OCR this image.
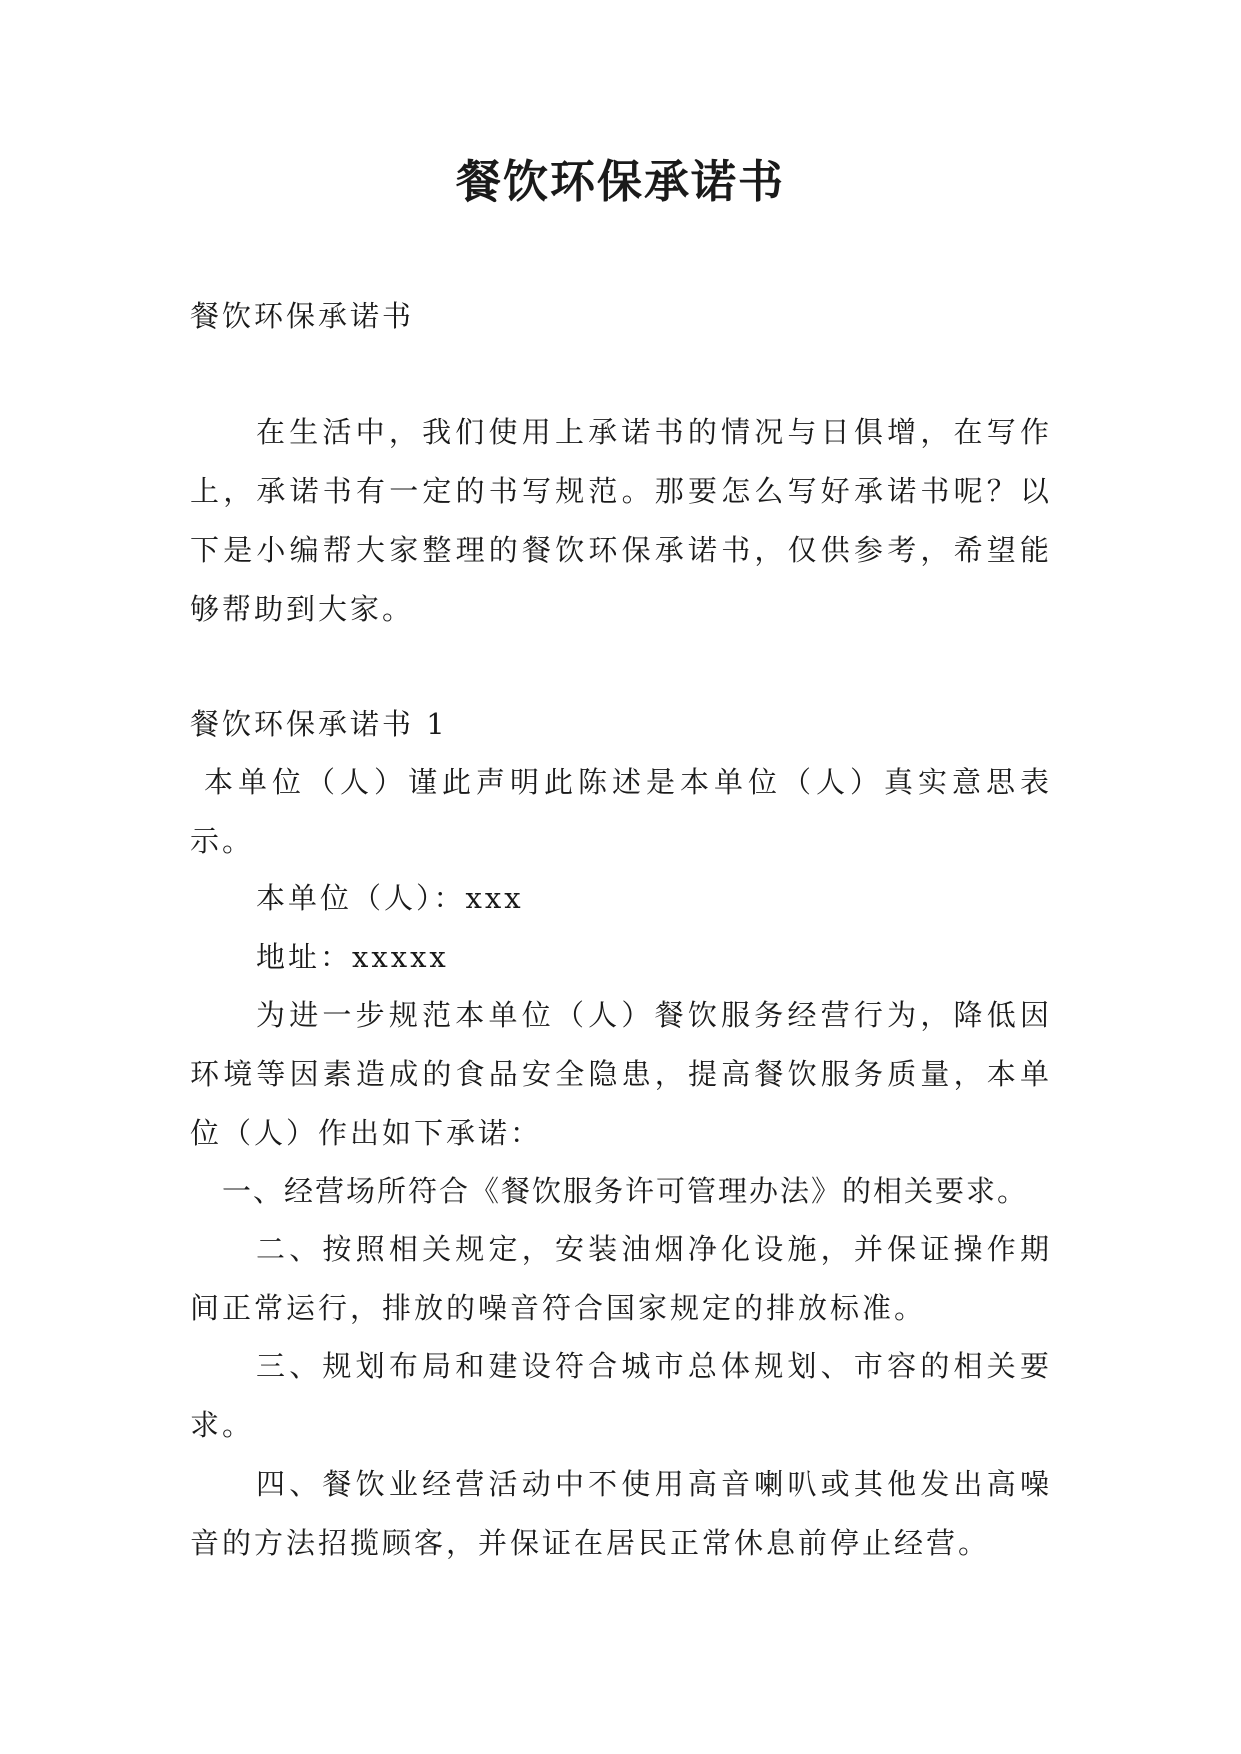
餐饮环保承诺书

餐饮环保承诺书

在生活中，我们使用上承诺书的情况与日俱增，在写作上，承诺书有一定的书写规范。那要怎么写好承诺书呢？以下是小编帮大家整理的餐饮环保承诺书，仅供参考，希望能够帮助到大家。

餐饮环保承诺书 1

本单位（人）谨此声明此陈述是本单位（人）真实意思表示。

本单位（人）：xxx

地址：xxxxx

为进一步规范本单位（人）餐饮服务经营行为，降低因环境等因素造成的食品安全隐患，提高餐饮服务质量，本单位（人）作出如下承诺：

一、经营场所符合《餐饮服务许可管理办法》的相关要求。

二、按照相关规定，安装油烟净化设施，并保证操作期间正常运行，排放的噪音符合国家规定的排放标准。

三、规划布局和建设符合城市总体规划、市容的相关要求。

四、餐饮业经营活动中不使用高音喇叭或其他发出高噪音的方法招揽顾客，并保证在居民正常休息前停止经营。
